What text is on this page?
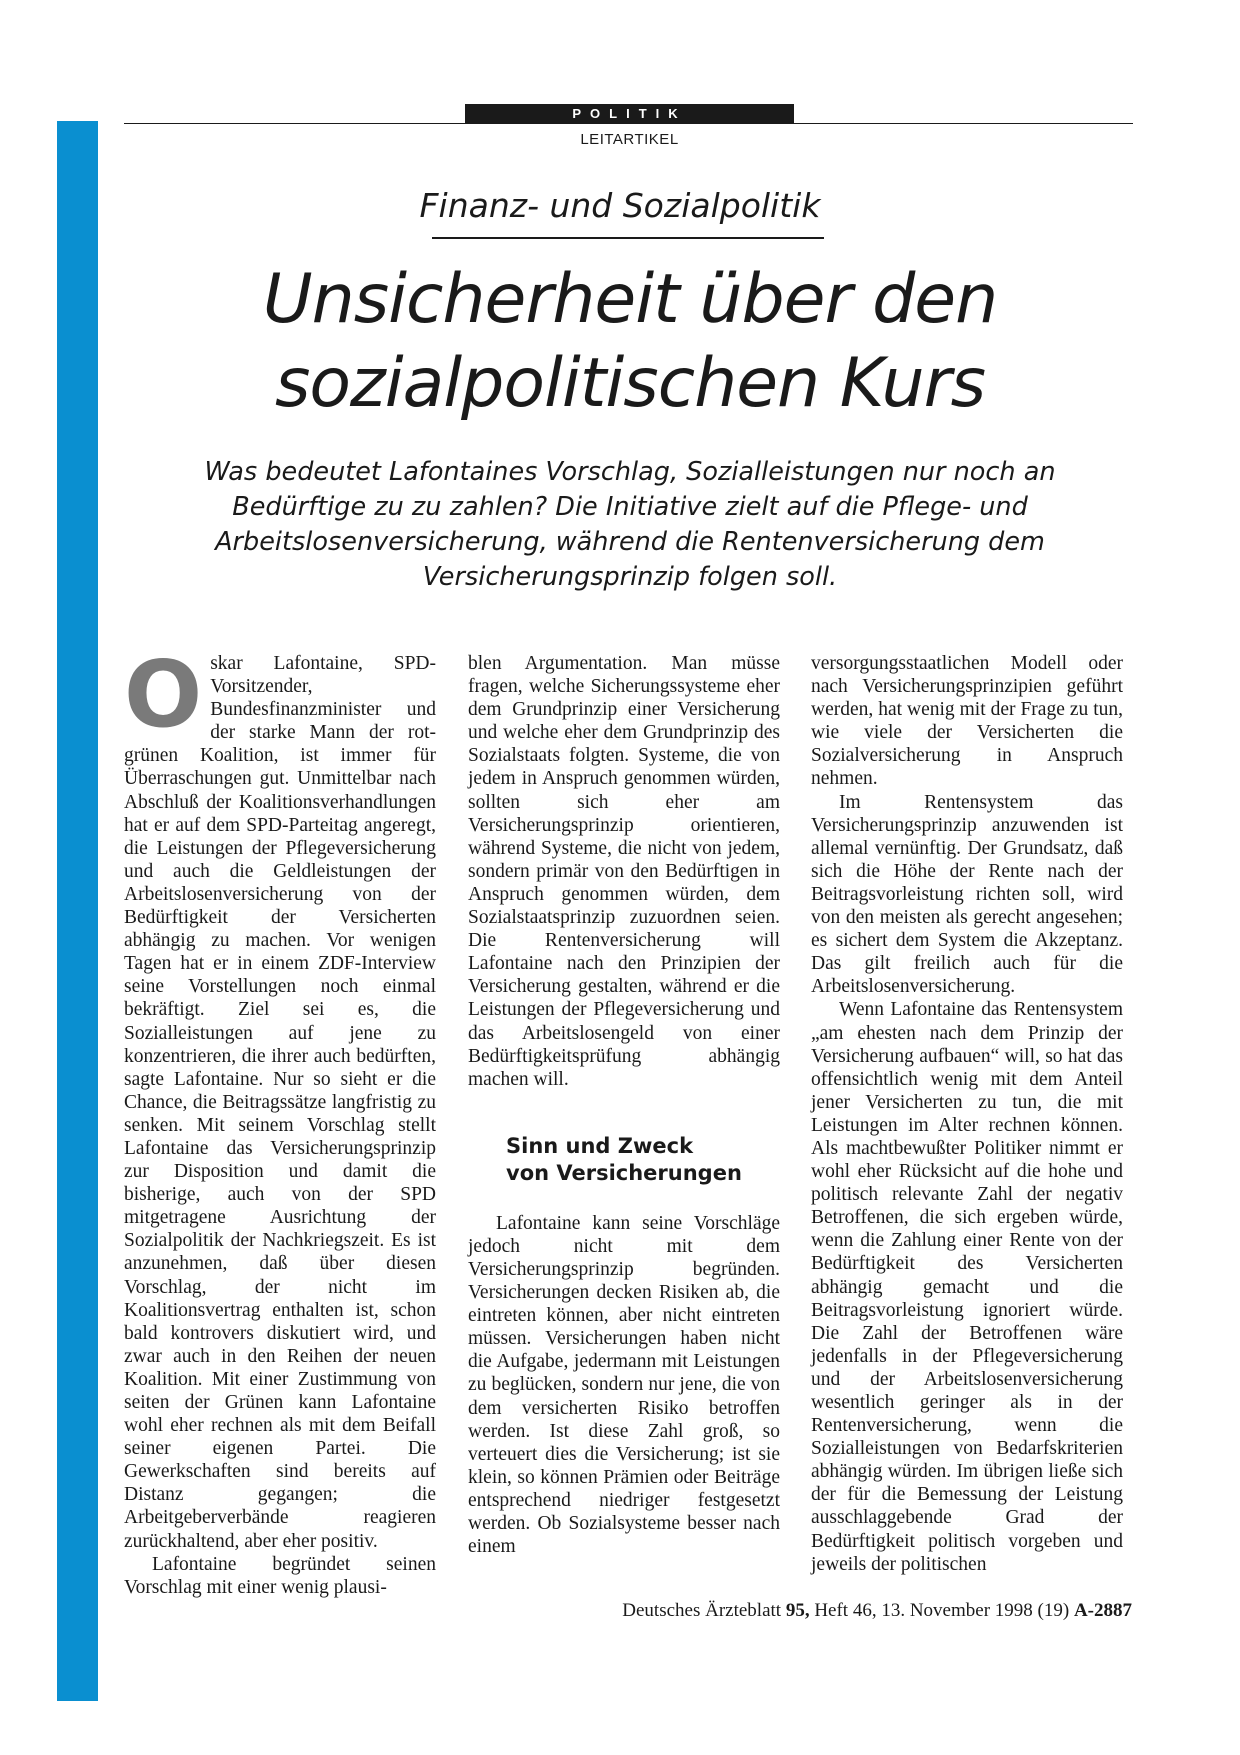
POLITIK
LEITARTIKEL
Finanz- und Sozialpolitik
Unsicherheit über den
sozialpolitischen Kurs
Was bedeutet Lafontaines Vorschlag, Sozialleistungen nur noch an Bedürftige zu zu zahlen? Die Initiative zielt auf die Pflege- und Arbeitslosenversicherung, während die Rentenversicherung dem Versicherungsprinzip folgen soll.

Oskar Lafontaine, SPD-Vorsitzender, Bundesfinanzminister und der starke Mann der rot-grünen Koalition, ist immer für Überraschungen gut. Unmittelbar nach Abschluß der Koalitionsverhandlungen hat er auf dem SPD-Parteitag angeregt, die Leistungen der Pflegeversicherung und auch die Geldleistungen der Arbeitslosenversicherung von der Bedürftigkeit der Versicherten abhängig zu machen. Vor wenigen Tagen hat er in einem ZDF-Interview seine Vorstellungen noch einmal bekräftigt. Ziel sei es, die Sozialleistungen auf jene zu konzentrieren, die ihrer auch bedürften, sagte Lafontaine. Nur so sieht er die Chance, die Beitragssätze langfristig zu senken. Mit seinem Vorschlag stellt Lafontaine das Versicherungsprinzip zur Disposition und damit die bisherige, auch von der SPD mitgetragene Ausrichtung der Sozialpolitik der Nachkriegszeit. Es ist anzunehmen, daß über diesen Vorschlag, der nicht im Koalitionsvertrag enthalten ist, schon bald kontrovers diskutiert wird, und zwar auch in den Reihen der neuen Koalition. Mit einer Zustimmung von seiten der Grünen kann Lafontaine wohl eher rechnen als mit dem Beifall seiner eigenen Partei. Die Gewerkschaften sind bereits auf Distanz gegangen; die Arbeitgeberverbände reagieren zurückhaltend, aber eher positiv.

Lafontaine begründet seinen Vorschlag mit einer wenig plausi-

blen Argumentation. Man müsse fragen, welche Sicherungssysteme eher dem Grundprinzip einer Versicherung und welche eher dem Grundprinzip des Sozialstaats folgten. Systeme, die von jedem in Anspruch genommen würden, sollten sich eher am Versicherungsprinzip orientieren, während Systeme, die nicht von jedem, sondern primär von den Bedürftigen in Anspruch genommen würden, dem Sozialstaatsprinzip zuzuordnen seien. Die Rentenversicherung will Lafontaine nach den Prinzipien der Versicherung gestalten, während er die Leistungen der Pflegeversicherung und das Arbeitslosengeld von einer Bedürftigkeitsprüfung abhängig machen will.

Sinn und Zweck
von Versicherungen

Lafontaine kann seine Vorschläge jedoch nicht mit dem Versicherungsprinzip begründen. Versicherungen decken Risiken ab, die eintreten können, aber nicht eintreten müssen. Versicherungen haben nicht die Aufgabe, jedermann mit Leistungen zu beglücken, sondern nur jene, die von dem versicherten Risiko betroffen werden. Ist diese Zahl groß, so verteuert dies die Versicherung; ist sie klein, so können Prämien oder Beiträge entsprechend niedriger festgesetzt werden. Ob Sozialsysteme besser nach einem

versorgungsstaatlichen Modell oder nach Versicherungsprinzipien geführt werden, hat wenig mit der Frage zu tun, wie viele der Versicherten die Sozialversicherung in Anspruch nehmen.

Im Rentensystem das Versicherungsprinzip anzuwenden ist allemal vernünftig. Der Grundsatz, daß sich die Höhe der Rente nach der Beitragsvorleistung richten soll, wird von den meisten als gerecht angesehen; es sichert dem System die Akzeptanz. Das gilt freilich auch für die Arbeitslosenversicherung.

Wenn Lafontaine das Rentensystem „am ehesten nach dem Prinzip der Versicherung aufbauen“ will, so hat das offensichtlich wenig mit dem Anteil jener Versicherten zu tun, die mit Leistungen im Alter rechnen können. Als machtbewußter Politiker nimmt er wohl eher Rücksicht auf die hohe und politisch relevante Zahl der negativ Betroffenen, die sich ergeben würde, wenn die Zahlung einer Rente von der Bedürftigkeit des Versicherten abhängig gemacht und die Beitragsvorleistung ignoriert würde. Die Zahl der Betroffenen wäre jedenfalls in der Pflegeversicherung und der Arbeitslosenversicherung wesentlich geringer als in der Rentenversicherung, wenn die Sozialleistungen von Bedarfskriterien abhängig würden. Im übrigen ließe sich der für die Bemessung der Leistung ausschlaggebende Grad der Bedürftigkeit politisch vorgeben und jeweils der politischen

Deutsches Ärzteblatt 95, Heft 46, 13. November 1998 (19) A-2887
